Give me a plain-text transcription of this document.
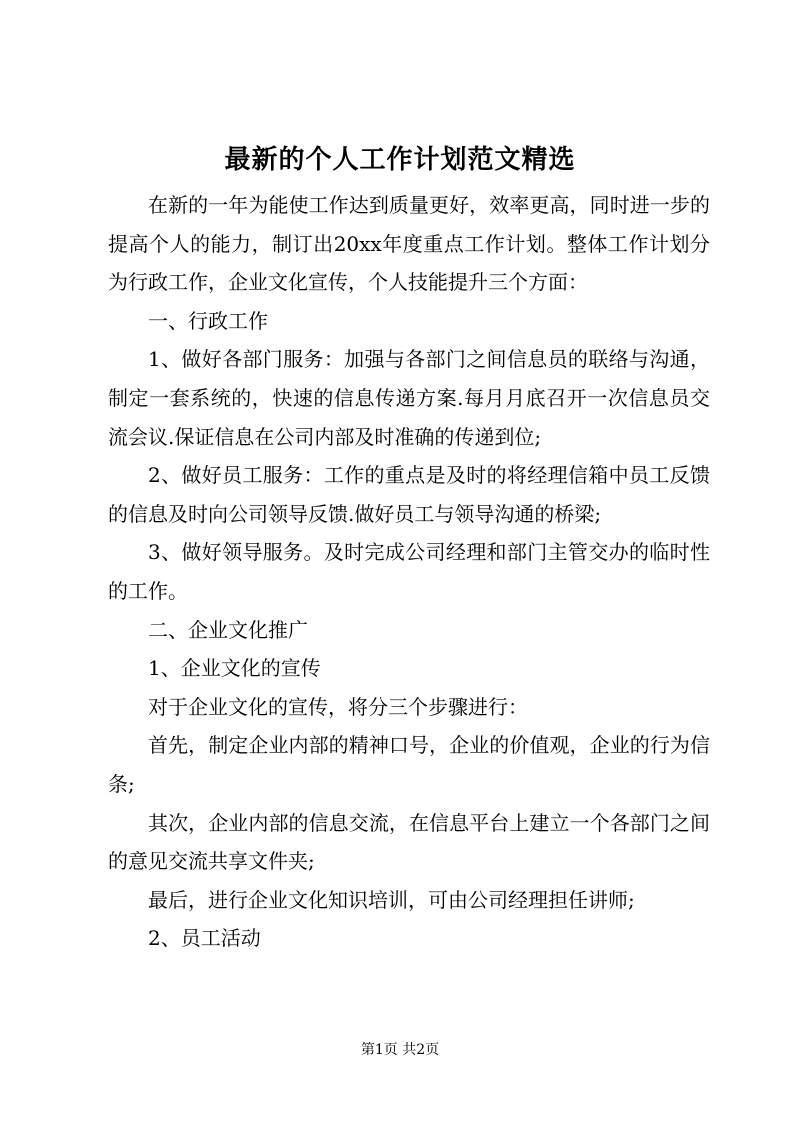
最新的个人工作计划范文精选

在新的一年为能使工作达到质量更好，效率更高，同时进一步的提高个人的能力，制订出20xx年度重点工作计划。整体工作计划分为行政工作，企业文化宣传，个人技能提升三个方面：

一、行政工作

1、做好各部门服务：加强与各部门之间信息员的联络与沟通，制定一套系统的，快速的信息传递方案.每月月底召开一次信息员交流会议.保证信息在公司内部及时准确的传递到位;

2、做好员工服务：工作的重点是及时的将经理信箱中员工反馈的信息及时向公司领导反馈.做好员工与领导沟通的桥梁;

3、做好领导服务。及时完成公司经理和部门主管交办的临时性的工作。

二、企业文化推广

1、企业文化的宣传

对于企业文化的宣传，将分三个步骤进行：

首先，制定企业内部的精神口号，企业的价值观，企业的行为信条;

其次，企业内部的信息交流，在信息平台上建立一个各部门之间的意见交流共享文件夹;

最后，进行企业文化知识培训，可由公司经理担任讲师;

2、员工活动

第1页 共2页
